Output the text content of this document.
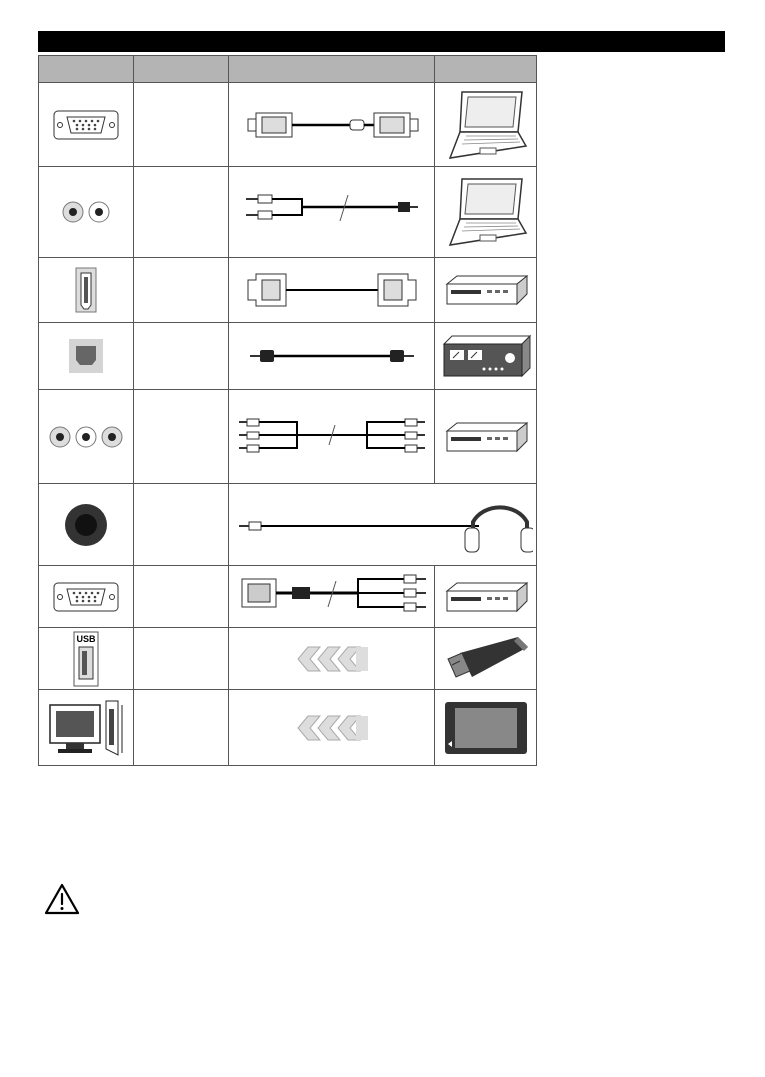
USB
